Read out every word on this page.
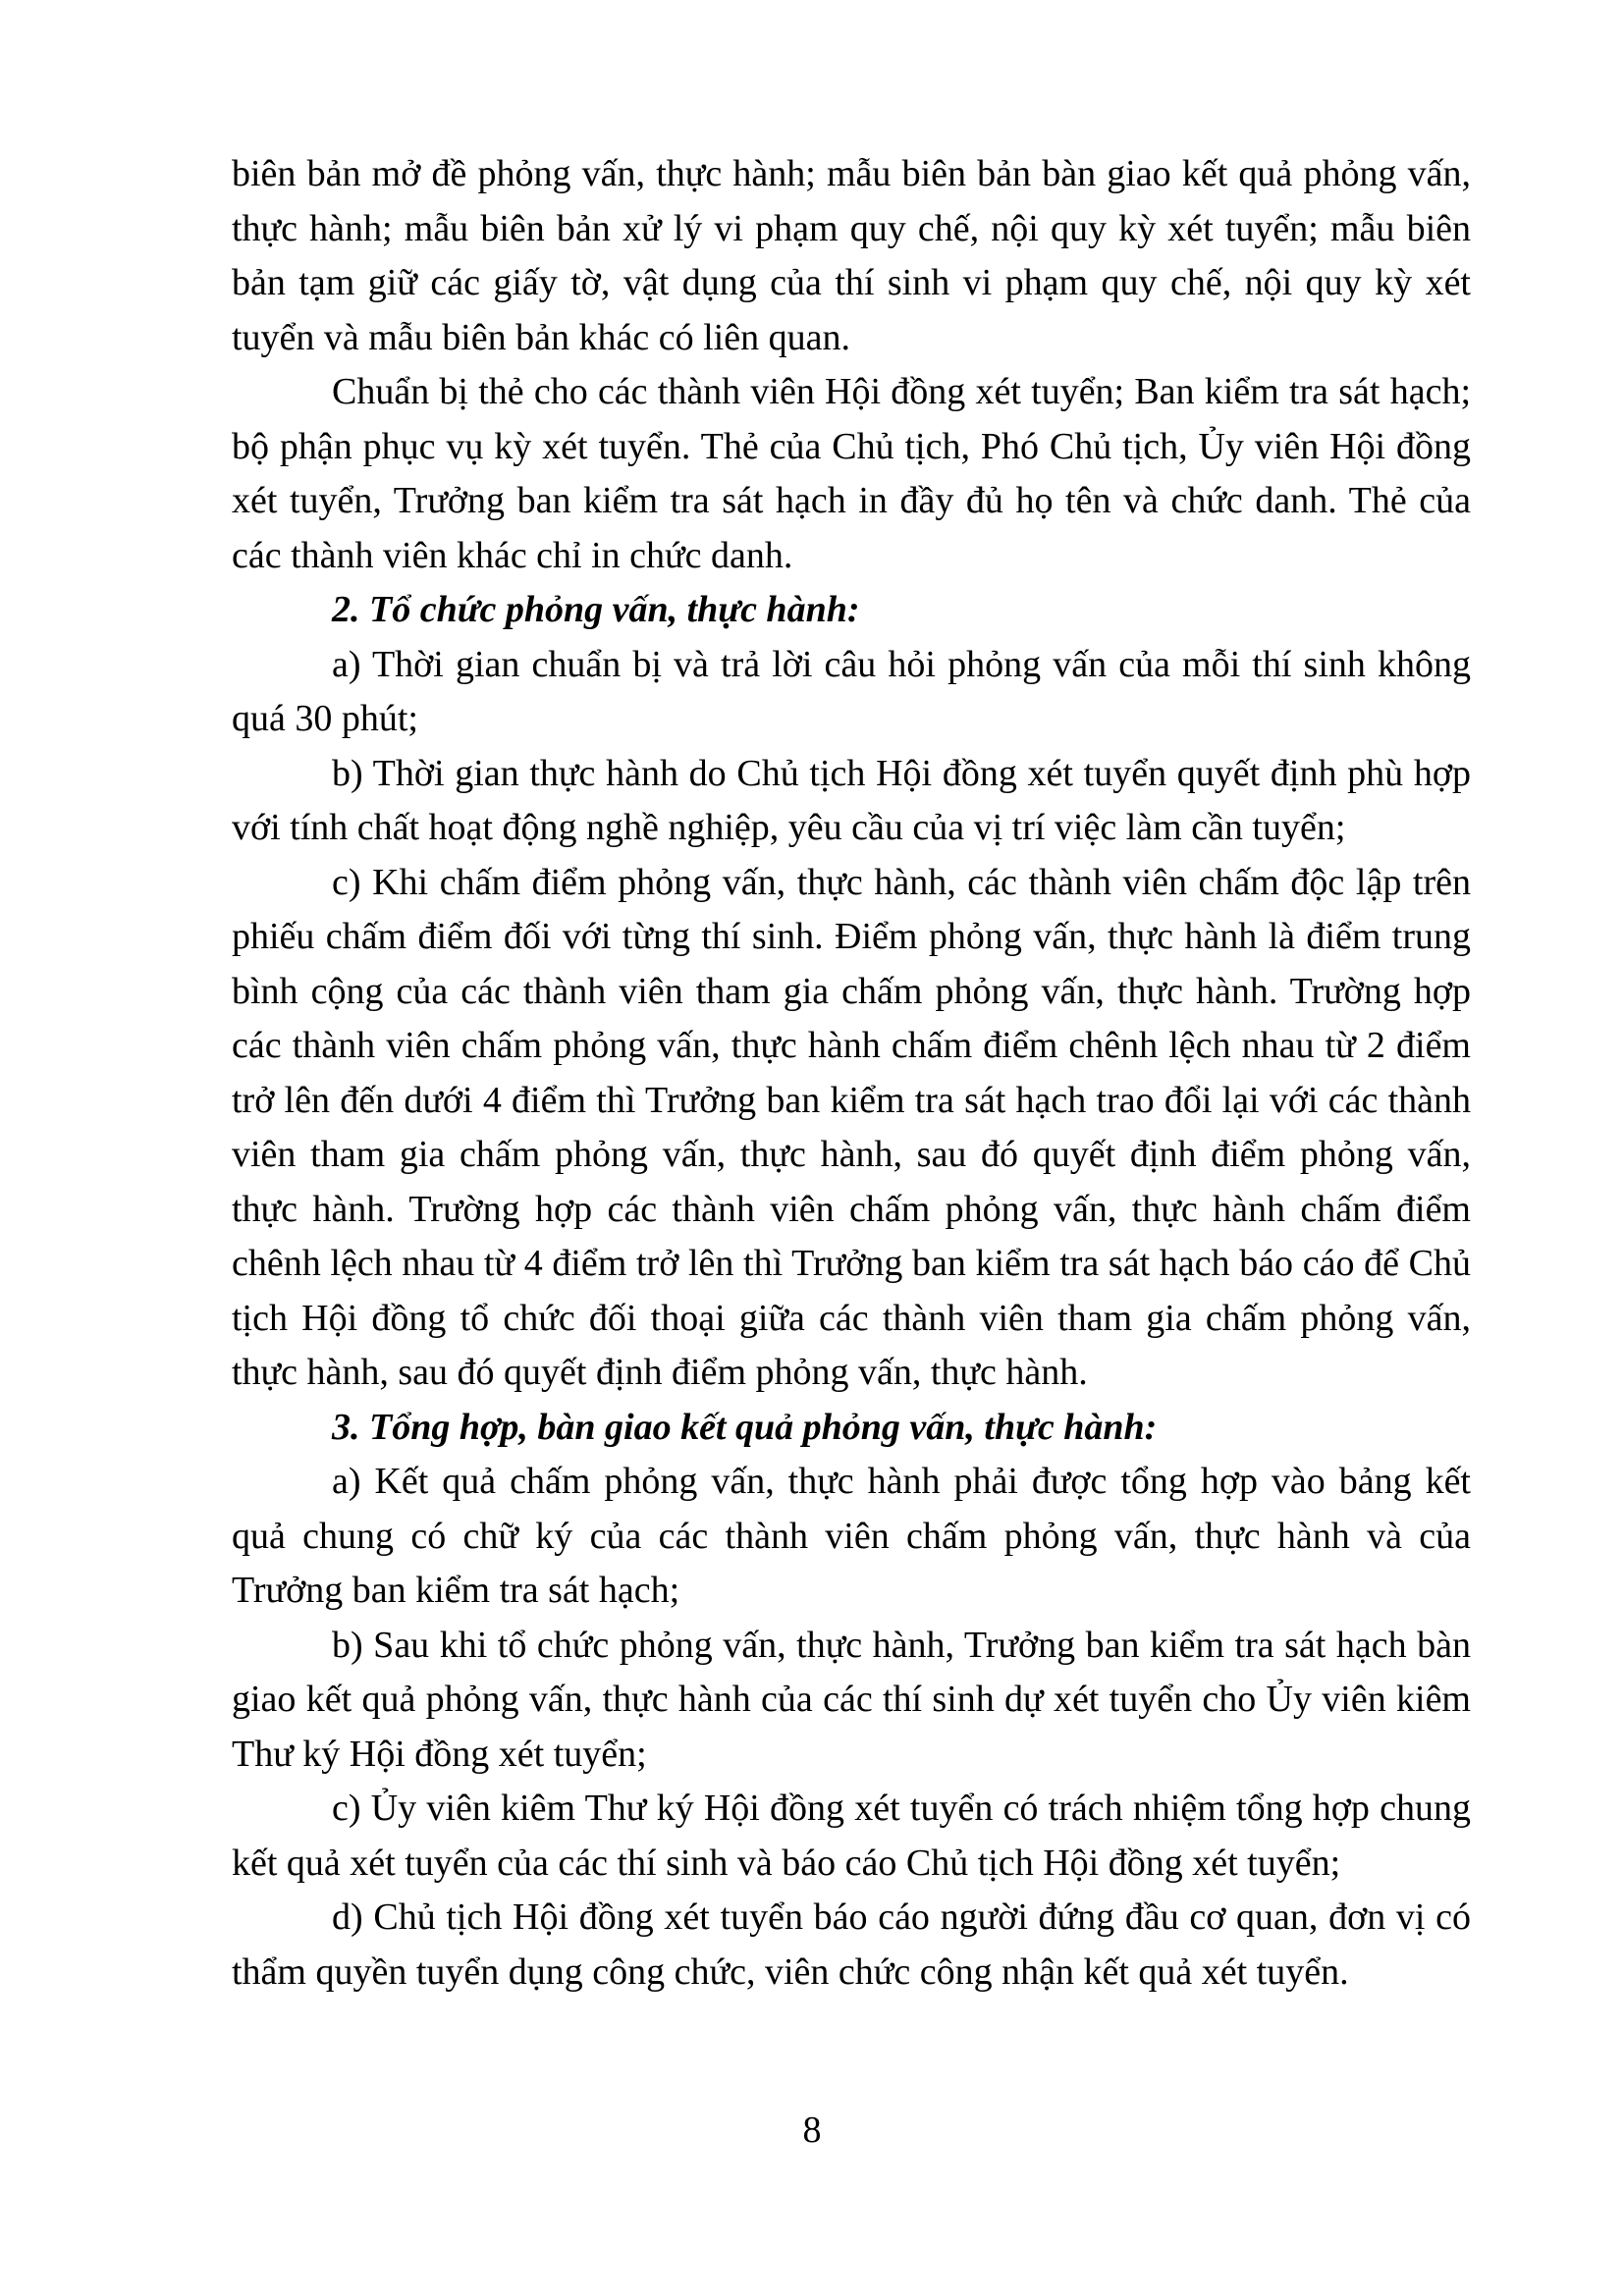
biên bản mở đề phỏng vấn, thực hành; mẫu biên bản bàn giao kết quả phỏng vấn, thực hành; mẫu biên bản xử lý vi phạm quy chế, nội quy kỳ xét tuyển; mẫu biên bản tạm giữ các giấy tờ, vật dụng của thí sinh vi phạm quy chế, nội quy kỳ xét tuyển và mẫu biên bản khác có liên quan.

Chuẩn bị thẻ cho các thành viên Hội đồng xét tuyển; Ban kiểm tra sát hạch; bộ phận phục vụ kỳ xét tuyển. Thẻ của Chủ tịch, Phó Chủ tịch, Ủy viên Hội đồng xét tuyển, Trưởng ban kiểm tra sát hạch in đầy đủ họ tên và chức danh. Thẻ của các thành viên khác chỉ in chức danh.

2. Tổ chức phỏng vấn, thực hành:

a) Thời gian chuẩn bị và trả lời câu hỏi phỏng vấn của mỗi thí sinh không quá 30 phút;

b) Thời gian thực hành do Chủ tịch Hội đồng xét tuyển quyết định phù hợp với tính chất hoạt động nghề nghiệp, yêu cầu của vị trí việc làm cần tuyển;

c) Khi chấm điểm phỏng vấn, thực hành, các thành viên chấm độc lập trên phiếu chấm điểm đối với từng thí sinh. Điểm phỏng vấn, thực hành là điểm trung bình cộng của các thành viên tham gia chấm phỏng vấn, thực hành. Trường hợp các thành viên chấm phỏng vấn, thực hành chấm điểm chênh lệch nhau từ 2 điểm trở lên đến dưới 4 điểm thì Trưởng ban kiểm tra sát hạch trao đổi lại với các thành viên tham gia chấm phỏng vấn, thực hành, sau đó quyết định điểm phỏng vấn, thực hành. Trường hợp các thành viên chấm phỏng vấn, thực hành chấm điểm chênh lệch nhau từ 4 điểm trở lên thì Trưởng ban kiểm tra sát hạch báo cáo để Chủ tịch Hội đồng tổ chức đối thoại giữa các thành viên tham gia chấm phỏng vấn, thực hành, sau đó quyết định điểm phỏng vấn, thực hành.

3. Tổng hợp, bàn giao kết quả phỏng vấn, thực hành:

a) Kết quả chấm phỏng vấn, thực hành phải được tổng hợp vào bảng kết quả chung có chữ ký của các thành viên chấm phỏng vấn, thực hành và của Trưởng ban kiểm tra sát hạch;

b) Sau khi tổ chức phỏng vấn, thực hành, Trưởng ban kiểm tra sát hạch bàn giao kết quả phỏng vấn, thực hành của các thí sinh dự xét tuyển cho Ủy viên kiêm Thư ký Hội đồng xét tuyển;

c) Ủy viên kiêm Thư ký Hội đồng xét tuyển có trách nhiệm tổng hợp chung kết quả xét tuyển của các thí sinh và báo cáo Chủ tịch Hội đồng xét tuyển;

d) Chủ tịch Hội đồng xét tuyển báo cáo người đứng đầu cơ quan, đơn vị có thẩm quyền tuyển dụng công chức, viên chức công nhận kết quả xét tuyển.

8
